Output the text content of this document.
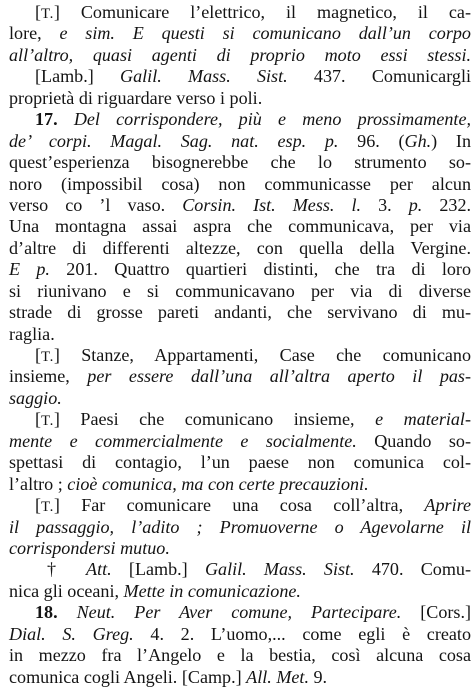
[T.] Comunicare l’elettrico, il magnetico, il ca-
lore, e sim. E questi si comunicano dall’un corpo
all’altro, quasi agenti di proprio moto essi stessi.
[Lamb.] Galil. Mass. Sist. 437. Comunicargli
proprietà di riguardare verso i poli.
17. Del corrispondere, più e meno prossimamente,
de’ corpi. Magal. Sag. nat. esp. p. 96. (Gh.) In
quest’esperienza bisognerebbe che lo strumento so-
noro (impossibil cosa) non communicasse per alcun
verso co ’l vaso. Corsin. Ist. Mess. l. 3. p. 232.
Una montagna assai aspra che communicava, per via
d’altre di differenti altezze, con quella della Vergine.
E p. 201. Quattro quartieri distinti, che tra di loro
si riunivano e si communicavano per via di diverse
strade di grosse pareti andanti, che servivano di mu-
raglia.
[T.] Stanze, Appartamenti, Case che comunicano
insieme, per essere dall’una all’altra aperto il pas-
saggio.
[T.] Paesi che comunicano insieme, e material-
mente e commercialmente e socialmente. Quando so-
spettasi di contagio, l’un paese non comunica col-
l’altro ; cioè comunica, ma con certe precauzioni.
[T.] Far comunicare una cosa coll’altra, Aprire
il passaggio, l’adito ; Promuoverne o Agevolarne il
corrispondersi mutuo.
† Att. [Lamb.] Galil. Mass. Sist. 470. Comu-
nica gli oceani, Mette in comunicazione.
18. Neut. Per Aver comune, Partecipare. [Cors.]
Dial. S. Greg. 4. 2. L’uomo,... come egli è creato
in mezzo fra l’Angelo e la bestia, così alcuna cosa
comunica cogli Angeli. [Camp.] All. Met. 9.
